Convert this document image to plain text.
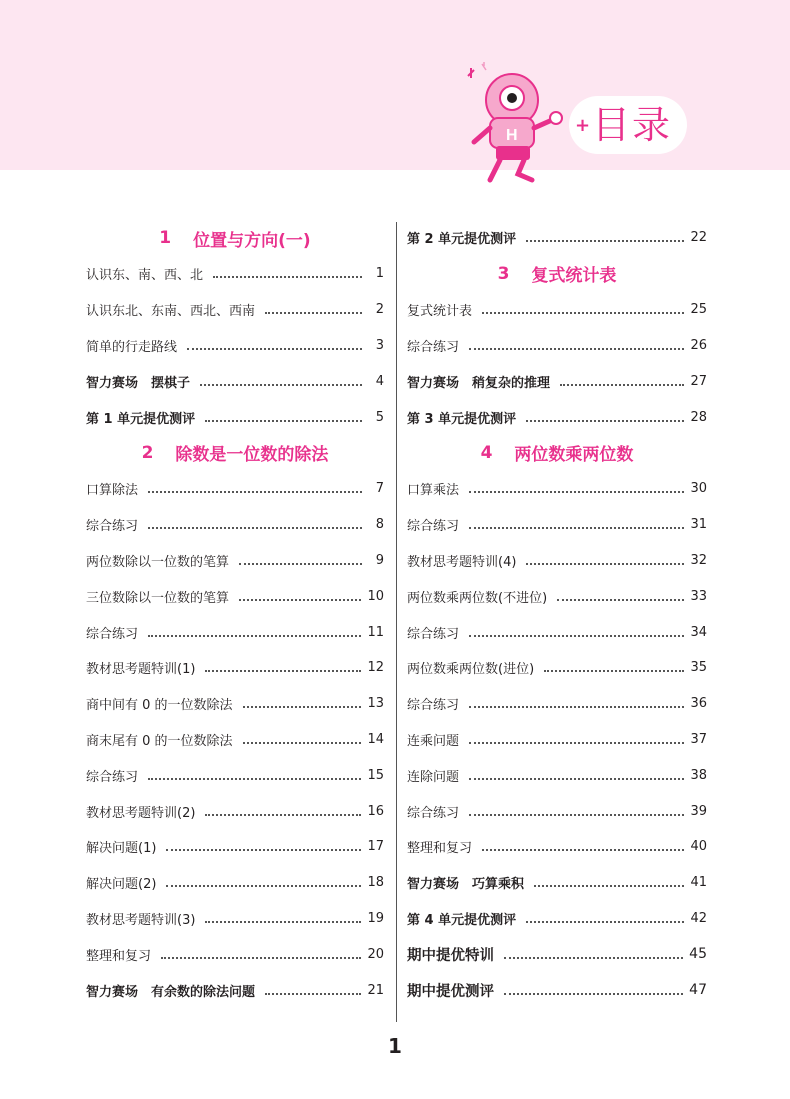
H	+ 目录
1 位置与方向(一)
认识东、南、西、北	1
认识东北、东南、西北、西南	2
简单的行走路线	3
智力赛场　摆棋子	4
第 1 单元提优测评	5
2 除数是一位数的除法
口算除法	7
综合练习	8
两位数除以一位数的笔算	9
三位数除以一位数的笔算	10
综合练习	11
教材思考题特训(1)	12
商中间有 0 的一位数除法	13
商末尾有 0 的一位数除法	14
综合练习	15
教材思考题特训(2)	16
解决问题(1)	17
解决问题(2)	18
教材思考题特训(3)	19
整理和复习	20
智力赛场　有余数的除法问题	21
第 2 单元提优测评	22
3 复式统计表
复式统计表	25
综合练习	26
智力赛场　稍复杂的推理	27
第 3 单元提优测评	28
4 两位数乘两位数
口算乘法	30
综合练习	31
教材思考题特训(4)	32
两位数乘两位数(不进位)	33
综合练习	34
两位数乘两位数(进位)	35
综合练习	36
连乘问题	37
连除问题	38
综合练习	39
整理和复习	40
智力赛场　巧算乘积	41
第 4 单元提优测评	42
期中提优特训	45
期中提优测评	47
1
